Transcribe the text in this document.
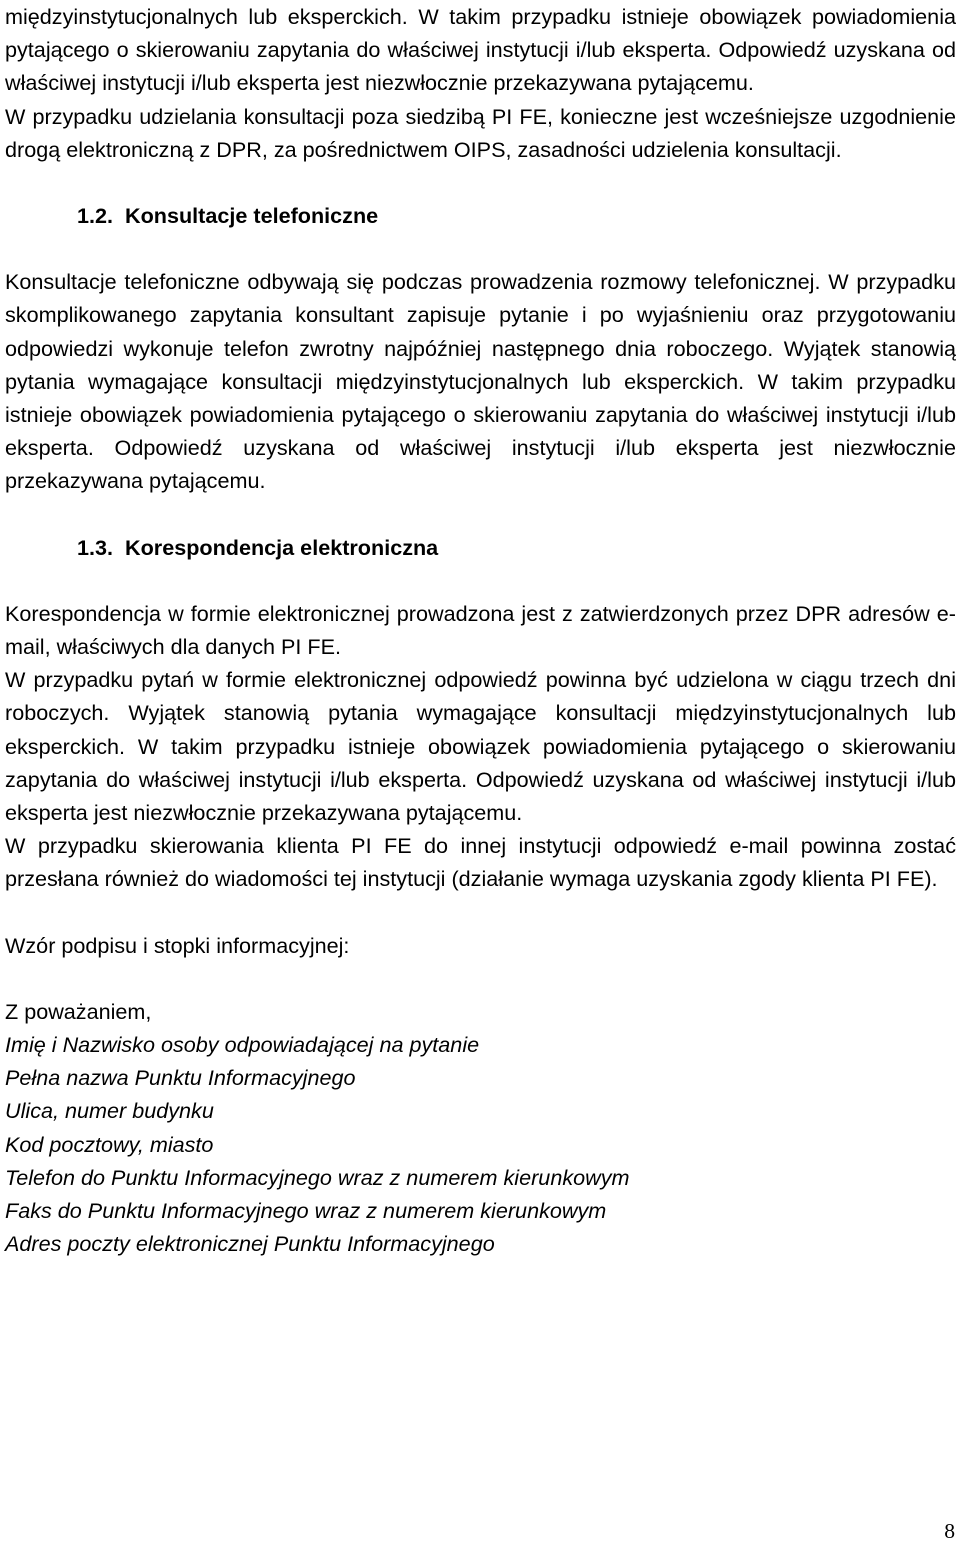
międzyinstytucjonalnych lub eksperckich. W takim przypadku istnieje obowiązek powiadomienia pytającego o skierowaniu zapytania do właściwej instytucji i/lub eksperta. Odpowiedź uzyskana od właściwej instytucji i/lub eksperta jest niezwłocznie przekazywana pytającemu.

W przypadku udzielania konsultacji poza siedzibą PI FE, konieczne jest wcześniejsze uzgodnienie drogą elektroniczną z DPR, za pośrednictwem OIPS, zasadności udzielenia konsultacji.

1.2. Konsultacje telefoniczne

Konsultacje telefoniczne odbywają się podczas prowadzenia rozmowy telefonicznej. W przypadku skomplikowanego zapytania konsultant zapisuje pytanie i po wyjaśnieniu oraz przygotowaniu odpowiedzi wykonuje telefon zwrotny najpóźniej następnego dnia roboczego. Wyjątek stanowią pytania wymagające konsultacji międzyinstytucjonalnych lub eksperckich. W takim przypadku istnieje obowiązek powiadomienia pytającego o skierowaniu zapytania do właściwej instytucji i/lub eksperta. Odpowiedź uzyskana od właściwej instytucji i/lub eksperta jest niezwłocznie przekazywana pytającemu.

1.3. Korespondencja elektroniczna

Korespondencja w formie elektronicznej prowadzona jest z zatwierdzonych przez DPR adresów e-mail, właściwych dla danych PI FE.

W przypadku pytań w formie elektronicznej odpowiedź powinna być udzielona w ciągu trzech dni roboczych. Wyjątek stanowią pytania wymagające konsultacji międzyinstytucjonalnych lub eksperckich. W takim przypadku istnieje obowiązek powiadomienia pytającego o skierowaniu zapytania do właściwej instytucji i/lub eksperta. Odpowiedź uzyskana od właściwej instytucji i/lub eksperta jest niezwłocznie przekazywana pytającemu.

W przypadku skierowania klienta PI FE do innej instytucji odpowiedź e-mail powinna zostać przesłana również do wiadomości tej instytucji (działanie wymaga uzyskania zgody klienta PI FE).

Wzór podpisu i stopki informacyjnej:

Z poważaniem,

Imię i Nazwisko osoby odpowiadającej na pytanie

Pełna nazwa Punktu Informacyjnego

Ulica, numer budynku

Kod pocztowy, miasto

Telefon do Punktu Informacyjnego wraz z numerem kierunkowym

Faks do Punktu Informacyjnego wraz z numerem kierunkowym

Adres poczty elektronicznej Punktu Informacyjnego

8
